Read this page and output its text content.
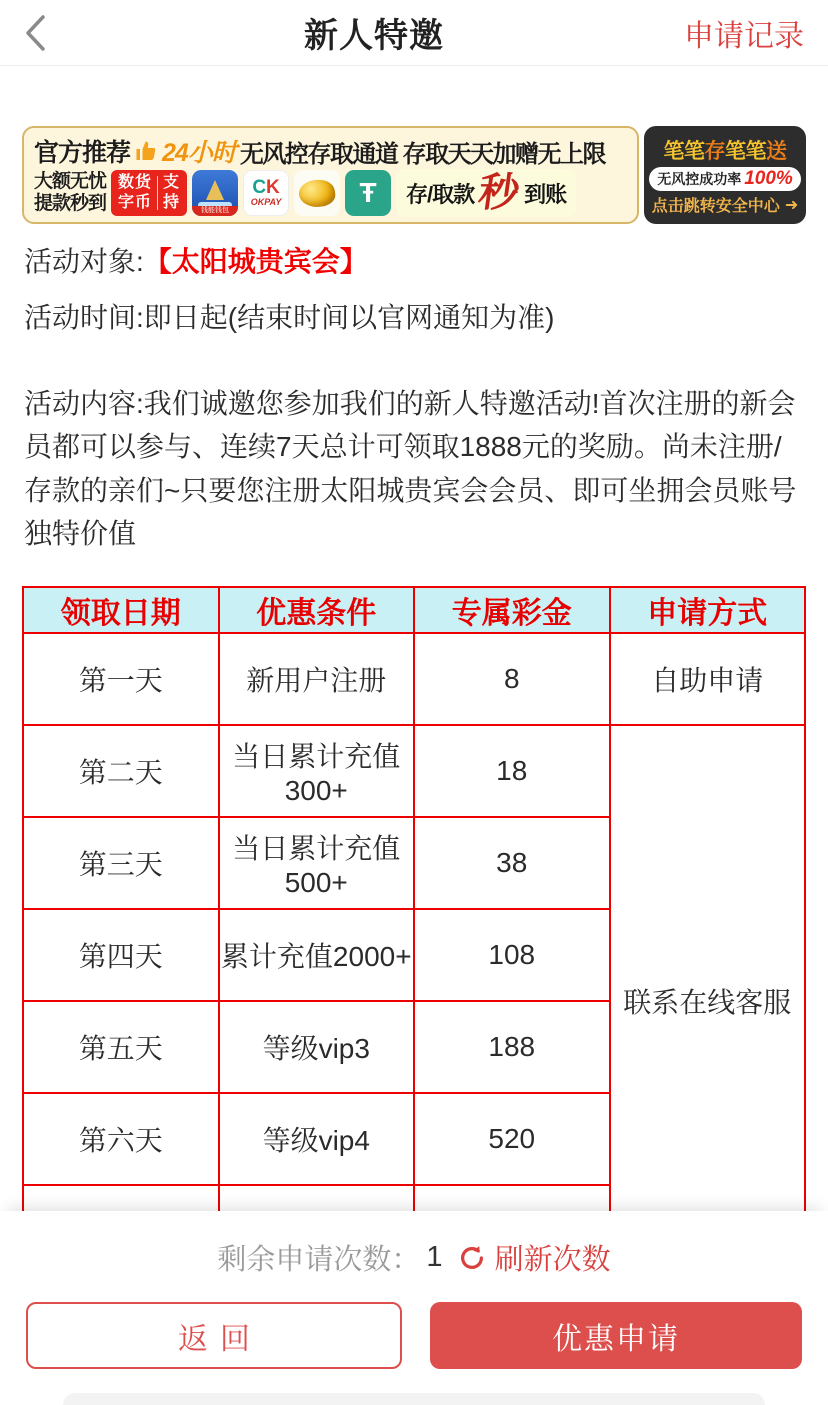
新人特邀	申请记录
官方推荐 24小时 无风控存取通道 存取天天加赠无上限
大额无忧
提款秒到
数货
字币
支
持	钱能钱包
CK
OKPAY	Ŧ 存/取款 秒 到账
笔笔存笔笔送
无风控成功率 100%
点击跳转安全中心 ➜
活动对象:【太阳城贵宾会】
活动时间:即日起(结束时间以官网通知为准)
活动内容:我们诚邀您参加我们的新人特邀活动!首次注册的新会员都可以参与、连续7天总计可领取1888元的奖励。尚未注册/存款的亲们~只要您注册太阳城贵宾会会员、即可坐拥会员账号独特价值
领取日期	优惠条件	专属彩金	申请方式
第一天	新用户注册	8	自助申请
第二天	当日累计充值300+	18	联系在线客服
第三天	当日累计充值500+	38	
第四天	累计充值2000+	108	
第五天	等级vip3	188	
第六天	等级vip4	520	

剩余申请次数： 1 刷新次数
返回	优惠申请
